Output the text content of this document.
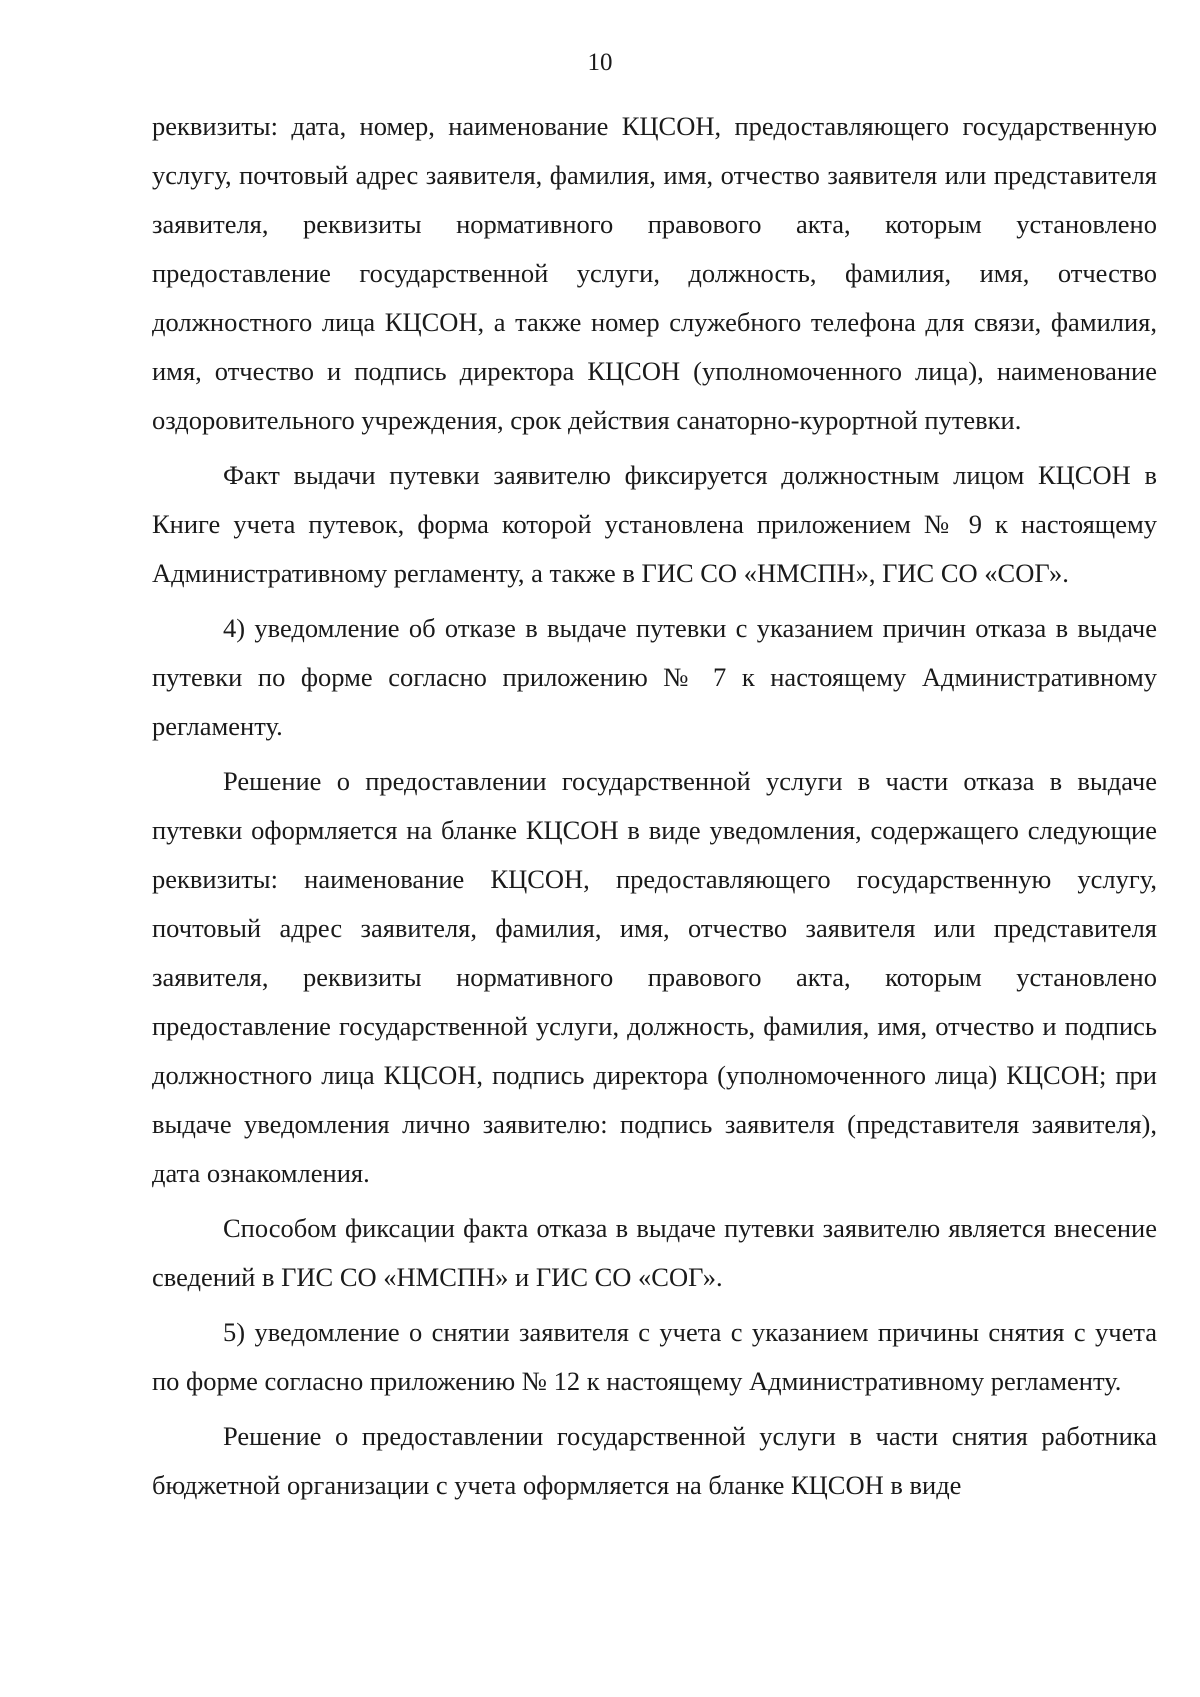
10

реквизиты: дата, номер, наименование КЦСОН, предоставляющего государственную услугу, почтовый адрес заявителя, фамилия, имя, отчество заявителя или представителя заявителя, реквизиты нормативного правового акта, которым установлено предоставление государственной услуги, должность, фамилия, имя, отчество должностного лица КЦСОН, а также номер служебного телефона для связи, фамилия, имя, отчество и подпись директора КЦСОН (уполномоченного лица), наименование оздоровительного учреждения, срок действия санаторно-курортной путевки.

Факт выдачи путевки заявителю фиксируется должностным лицом КЦСОН в Книге учета путевок, форма которой установлена приложением № 9 к настоящему Административному регламенту, а также в ГИС СО «НМСПН», ГИС СО «СОГ».

4) уведомление об отказе в выдаче путевки с указанием причин отказа в выдаче путевки по форме согласно приложению № 7 к настоящему Административному регламенту.

Решение о предоставлении государственной услуги в части отказа в выдаче путевки оформляется на бланке КЦСОН в виде уведомления, содержащего следующие реквизиты: наименование КЦСОН, предоставляющего государственную услугу, почтовый адрес заявителя, фамилия, имя, отчество заявителя или представителя заявителя, реквизиты нормативного правового акта, которым установлено предоставление государственной услуги, должность, фамилия, имя, отчество и подпись должностного лица КЦСОН, подпись директора (уполномоченного лица) КЦСОН; при выдаче уведомления лично заявителю: подпись заявителя (представителя заявителя), дата ознакомления.

Способом фиксации факта отказа в выдаче путевки заявителю является внесение сведений в ГИС СО «НМСПН» и ГИС СО «СОГ».

5) уведомление о снятии заявителя с учета с указанием причины снятия с учета по форме согласно приложению № 12 к настоящему Административному регламенту.

Решение о предоставлении государственной услуги в части снятия работника бюджетной организации с учета оформляется на бланке КЦСОН в виде
